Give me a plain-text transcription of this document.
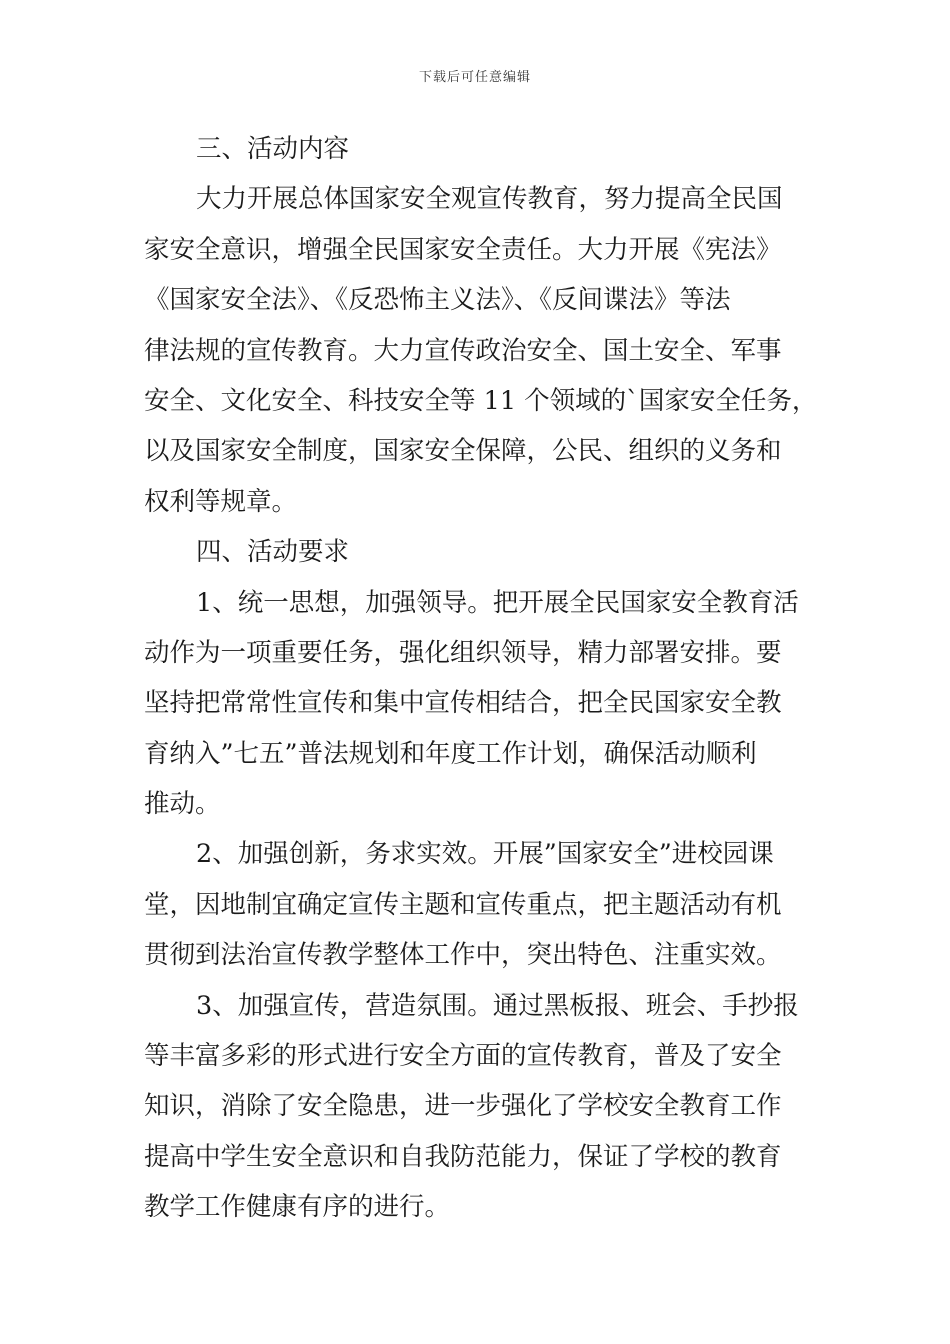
下载后可任意编辑
三、活动内容
大力开展总体国家安全观宣传教育，努力提高全民国
家安全意识，增强全民国家安全责任。大力开展《宪法》
《国家安全法》、《反恐怖主义法》、《反间谍法》等法
律法规的宣传教育。大力宣传政治安全、国土安全、军事
安全、文化安全、科技安全等 11 个领域的`国家安全任务，
以及国家安全制度，国家安全保障，公民、组织的义务和
权利等规章。
四、活动要求
1、统一思想，加强领导。把开展全民国家安全教育活
动作为一项重要任务，强化组织领导，精力部署安排。要
坚持把常常性宣传和集中宣传相结合，把全民国家安全教
育纳入”七五”普法规划和年度工作计划，确保活动顺利
推动。
2、加强创新，务求实效。开展”国家安全”进校园课
堂，因地制宜确定宣传主题和宣传重点，把主题活动有机
贯彻到法治宣传教学整体工作中，突出特色、注重实效。
3、加强宣传，营造氛围。通过黑板报、班会、手抄报
等丰富多彩的形式进行安全方面的宣传教育，普及了安全
知识，消除了安全隐患，进一步强化了学校安全教育工作
提高中学生安全意识和自我防范能力，保证了学校的教育
教学工作健康有序的进行。
